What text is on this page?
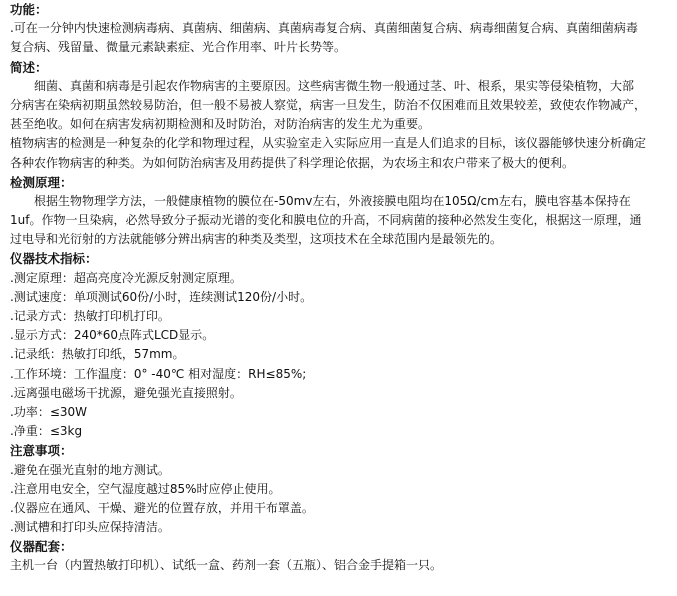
功能：
.可在一分钟内快速检测病毒病、真菌病、细菌病、真菌病毒复合病、真菌细菌复合病、病毒细菌复合病、真菌细菌病毒
复合病、残留量、微量元素缺素症、光合作用率、叶片长势等。
简述：
细菌、真菌和病毒是引起农作物病害的主要原因。这些病害微生物一般通过茎、叶、根系，果实等侵染植物，大部
分病害在染病初期虽然较易防治，但一般不易被人察觉，病害一旦发生，防治不仅困难而且效果较差，致使农作物减产，
甚至绝收。如何在病害发病初期检测和及时防治，对防治病害的发生尤为重要。
植物病害的检测是一种复杂的化学和物理过程，从实验室走入实际应用一直是人们追求的目标，该仪器能够快速分析确定
各种农作物病害的种类。为如何防治病害及用药提供了科学理论依据，为农场主和农户带来了极大的便利。
检测原理：
根据生物物理学方法，一般健康植物的膜位在-50mv左右，外液接膜电阻均在105Ω/cm左右，膜电容基本保持在
1uf。作物一旦染病，必然导致分子振动光谱的变化和膜电位的升高，不同病菌的接种必然发生变化，根据这一原理，通
过电导和光衍射的方法就能够分辨出病害的种类及类型，这项技术在全球范围内是最领先的。
仪器技术指标：
.测定原理：超高亮度冷光源反射测定原理。
.测试速度：单项测试60份/小时，连续测试120份/小时。
.记录方式：热敏打印机打印。
.显示方式：240*60点阵式LCD显示。
.记录纸：热敏打印纸，57mm。
.工作环境：工作温度：0° -40℃ 相对湿度：RH≤85%;
.远离强电磁场干扰源，避免强光直接照射。
.功率：≤30W
.净重：≤3kg
注意事项：
.避免在强光直射的地方测试。
.注意用电安全，空气湿度越过85%时应停止使用。
.仪器应在通风、干燥、避光的位置存放，并用干布罩盖。
.测试槽和打印头应保持清洁。
仪器配套：
主机一台（内置热敏打印机）、试纸一盒、药剂一套（五瓶）、铝合金手提箱一只。
